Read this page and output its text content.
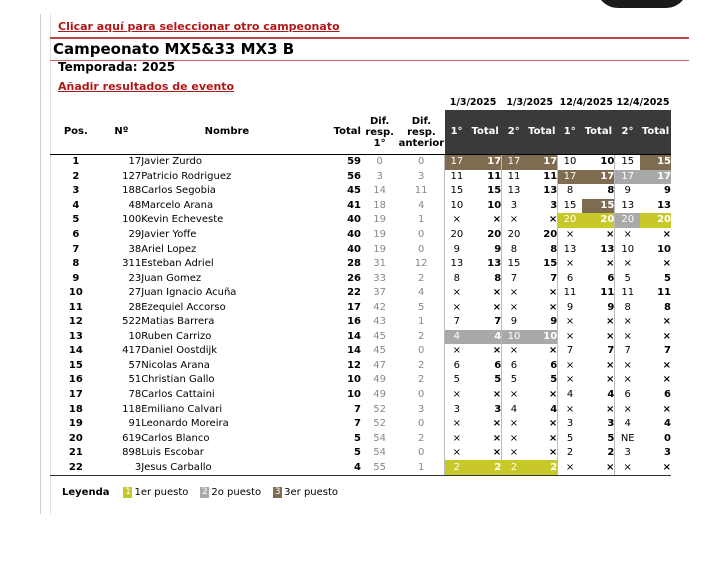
Clicar aquí para seleccionar otro campeonato
Campeonato MX5&33 MX3 B
Temporada: 2025
Añadir resultados de evento
						1/3/2025		1/3/2025		12/4/2025		12/4/2025	
Pos.	Nº	Nombre	Total	Dif.
resp.
1°	Dif.
resp.
anterior	1°	Total	2°	Total	1°	Total	2°	Total
1	17	Javier Zurdo	59	0	0	17	17	17	17	10	10	15	15
2	127	Patricio Rodriguez	56	3	3	11	11	11	11	17	17	17	17
3	188	Carlos Segobia	45	14	11	15	15	13	13	8	8	9	9
4	48	Marcelo Arana	41	18	4	10	10	3	3	15	15	13	13
5	100	Kevin Echeveste	40	19	1	×	×	×	×	20	20	20	20
6	29	Javier Yoffe	40	19	0	20	20	20	20	×	×	×	×
7	38	Ariel Lopez	40	19	0	9	9	8	8	13	13	10	10
8	311	Esteban Adriel	28	31	12	13	13	15	15	×	×	×	×
9	23	Juan Gomez	26	33	2	8	8	7	7	6	6	5	5
10	27	Juan Ignacio Acuña	22	37	4	×	×	×	×	11	11	11	11
11	28	Ezequiel Accorso	17	42	5	×	×	×	×	9	9	8	8
12	522	Matias Barrera	16	43	1	7	7	9	9	×	×	×	×
13	10	Ruben Carrizo	14	45	2	4	4	10	10	×	×	×	×
14	417	Daniel Oostdijk	14	45	0	×	×	×	×	7	7	7	7
15	57	Nicolas Arana	12	47	2	6	6	6	6	×	×	×	×
16	51	Christian Gallo	10	49	2	5	5	5	5	×	×	×	×
17	78	Carlos Cattaini	10	49	0	×	×	×	×	4	4	6	6
18	118	Emiliano Calvari	7	52	3	3	3	4	4	×	×	×	×
19	91	Leonardo Moreira	7	52	0	×	×	×	×	3	3	4	4
20	619	Carlos Blanco	5	54	2	×	×	×	×	5	5	NE	0
21	898	Luis Escobar	5	54	0	×	×	×	×	2	2	3	3
22	3	Jesus Carballo	4	55	1	2	2	2	2	×	×	×	×
Leyenda 1 1er puesto 2 2o puesto 3 3er puesto
